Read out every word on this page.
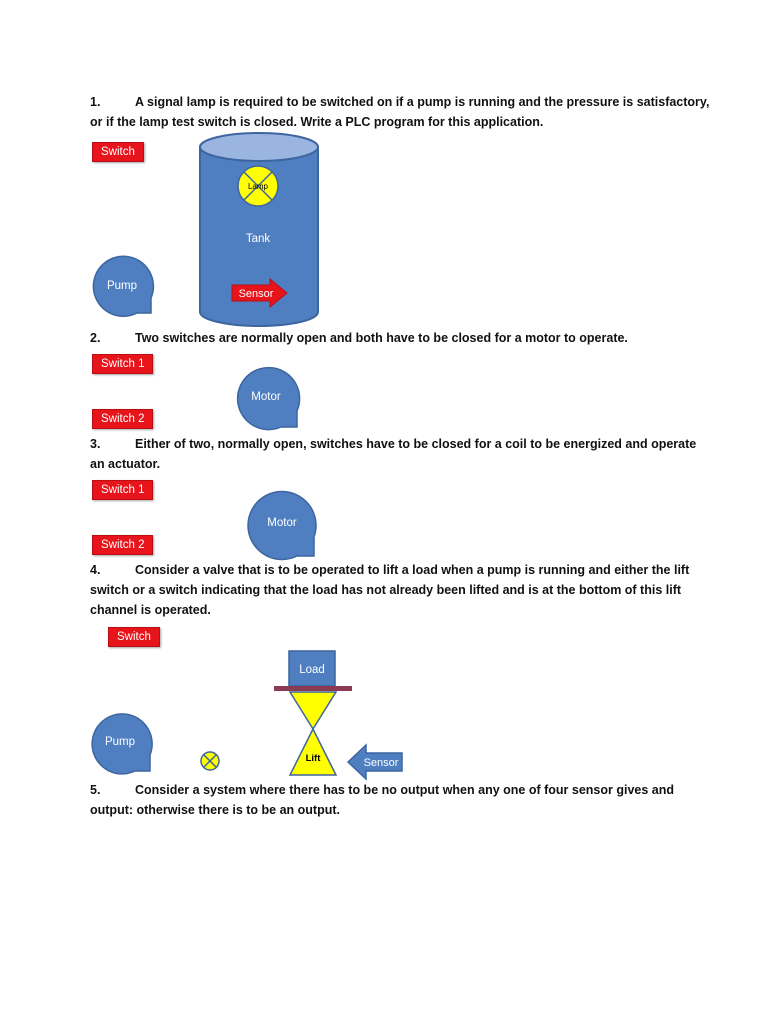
1.	A signal lamp is required to be switched on if a pump is running and the pressure is satisfactory,
or if the lamp test switch is closed. Write a PLC program for this application.
2.	Two switches are normally open and both have to be closed for a motor to operate.
3.	Either of two, normally open, switches have to be closed for a coil to be energized and operate
an actuator.
4.	Consider a valve that is to be operated to lift a load when a pump is running and either the lift
switch or a switch indicating that the load has not already been lifted and is at the bottom of this lift
channel is operated.
5.	Consider a system where there has to be no output when any one of four sensor gives and
output: otherwise there is to be an output.
Switch
Switch 1
Switch 2
Switch 1
Switch 2
Switch
Tank
Lamp
Sensor
Pump
Motor
Motor
Load
Lift	Sensor
Pump
